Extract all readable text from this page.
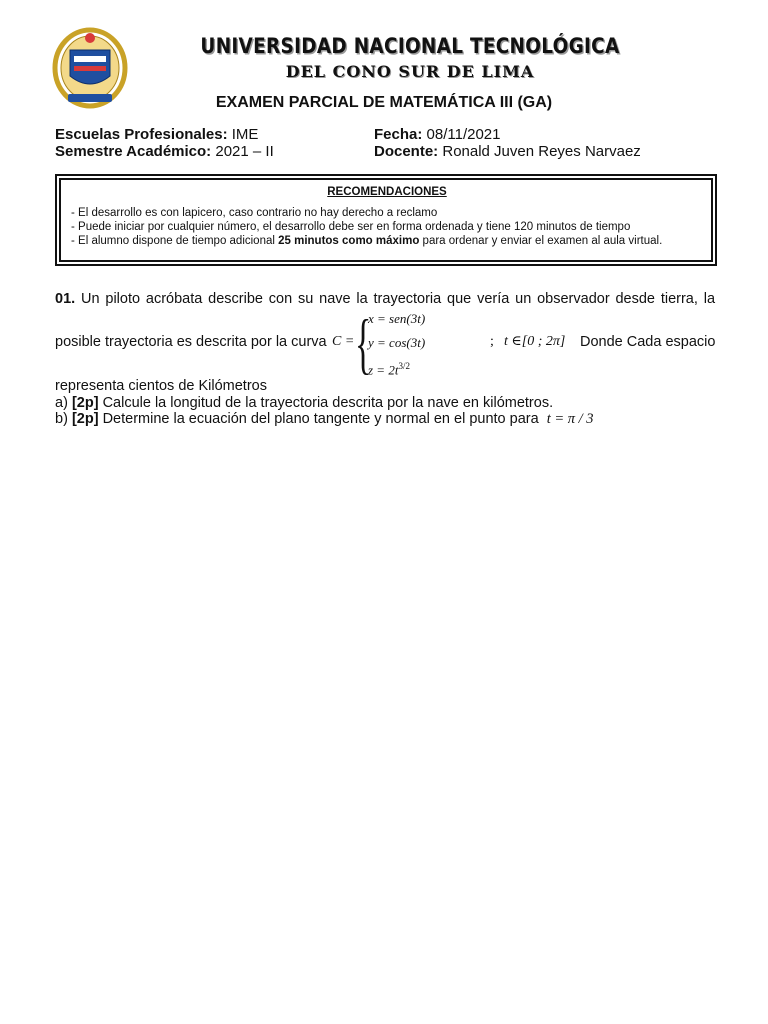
UNIVERSIDAD NACIONAL TECNOLÓGICA
DEL CONO SUR DE LIMA
EXAMEN PARCIAL DE MATEMÁTICA III (GA)
Escuelas Profesionales: IME	Fecha: 08/11/2021
Semestre Académico: 2021 – II	Docente: Ronald Juven Reyes Narvaez
RECOMENDACIONES
- El desarrollo es con lapicero, caso contrario no hay derecho a reclamo
- Puede iniciar por cualquier número, el desarrollo debe ser en forma ordenada y tiene 120 minutos de tiempo
- El alumno dispone de tiempo adicional 25 minutos como máximo para ordenar y enviar el examen al aula virtual.
01. Un piloto acróbata describe con su nave la trayectoria que vería un observador desde tierra, la
posible trayectoria es descrita por la curva C = {
x = sen(3t)
y = cos(3t)
$z = 2t^{3/2}$
; t ∈[0 ; 2π] Donde Cada espacio
representa cientos de Kilómetros
a) [2p] Calcule la longitud de la trayectoria descrita por la nave en kilómetros.
b) [2p] Determine la ecuación del plano tangente y normal en el punto para t = π / 3
